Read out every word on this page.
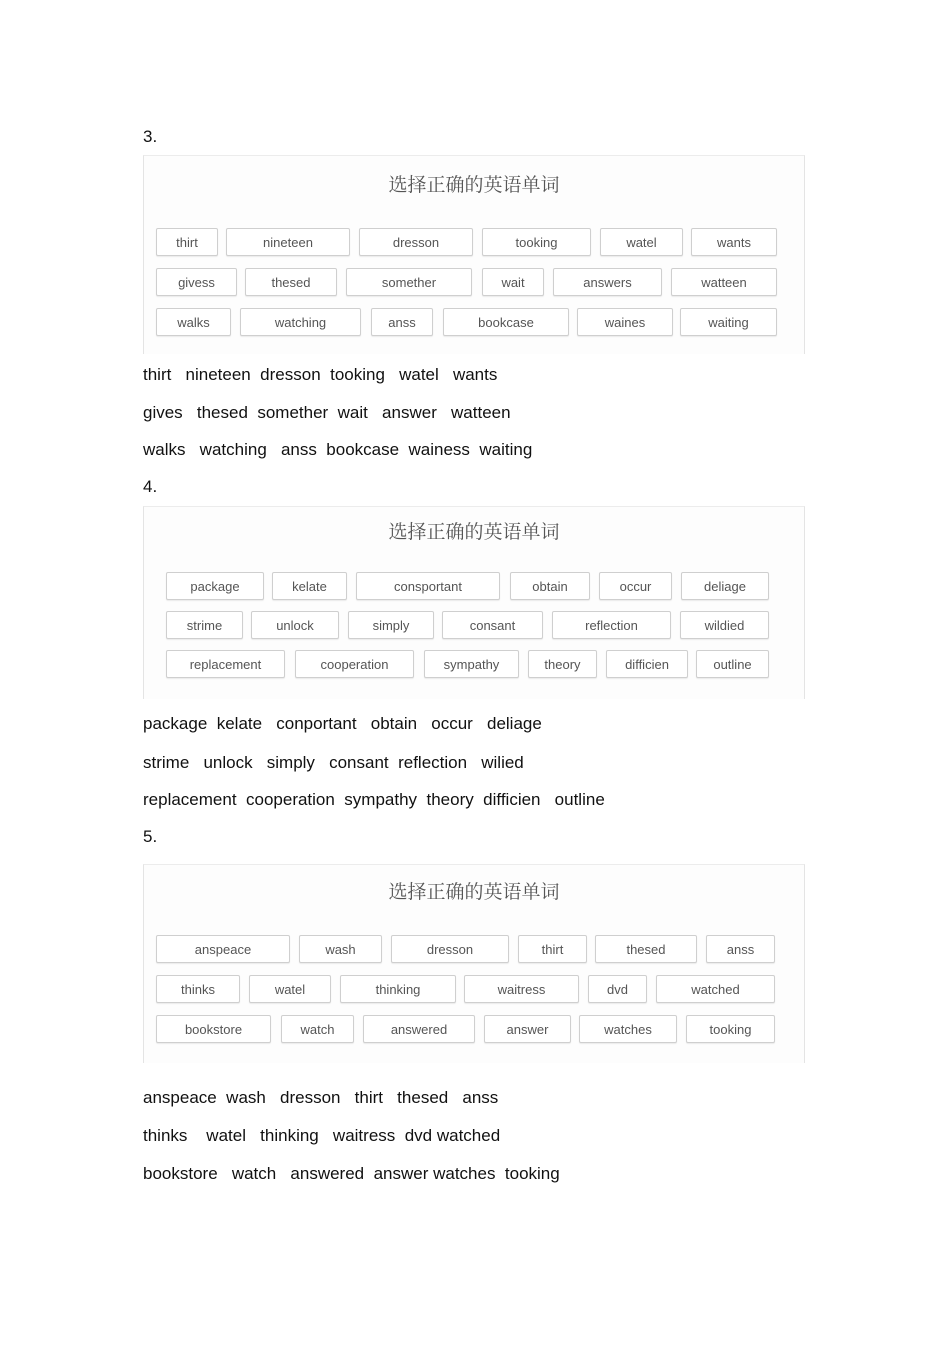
3.
选择正确的英语单词
thirt	nineteen	dresson	tooking	watel	wants
givess	thesed	somether	wait	answers	watteen
walks	watching	anss	bookcase	waines	waiting
thirt   nineteen  dresson  tooking   watel   wants
gives   thesed  somether  wait   answer   watteen
walks   watching   anss  bookcase  wainess  waiting
4.
选择正确的英语单词
package	kelate	consportant	obtain	occur	deliage
strime	unlock	simply	consant	reflection	wildied
replacement	cooperation	sympathy	theory	difficien	outline
package  kelate   conportant   obtain   occur   deliage
strime   unlock   simply   consant  reflection   wilied
replacement  cooperation  sympathy  theory  difficien   outline
5.
选择正确的英语单词
anspeace	wash	dresson	thirt	thesed	anss
thinks	watel	thinking	waitress	dvd	watched
bookstore	watch	answered	answer	watches	tooking
anspeace  wash   dresson   thirt   thesed   anss
thinks    watel   thinking   waitress  dvd watched
bookstore   watch   answered  answer watches  tooking
